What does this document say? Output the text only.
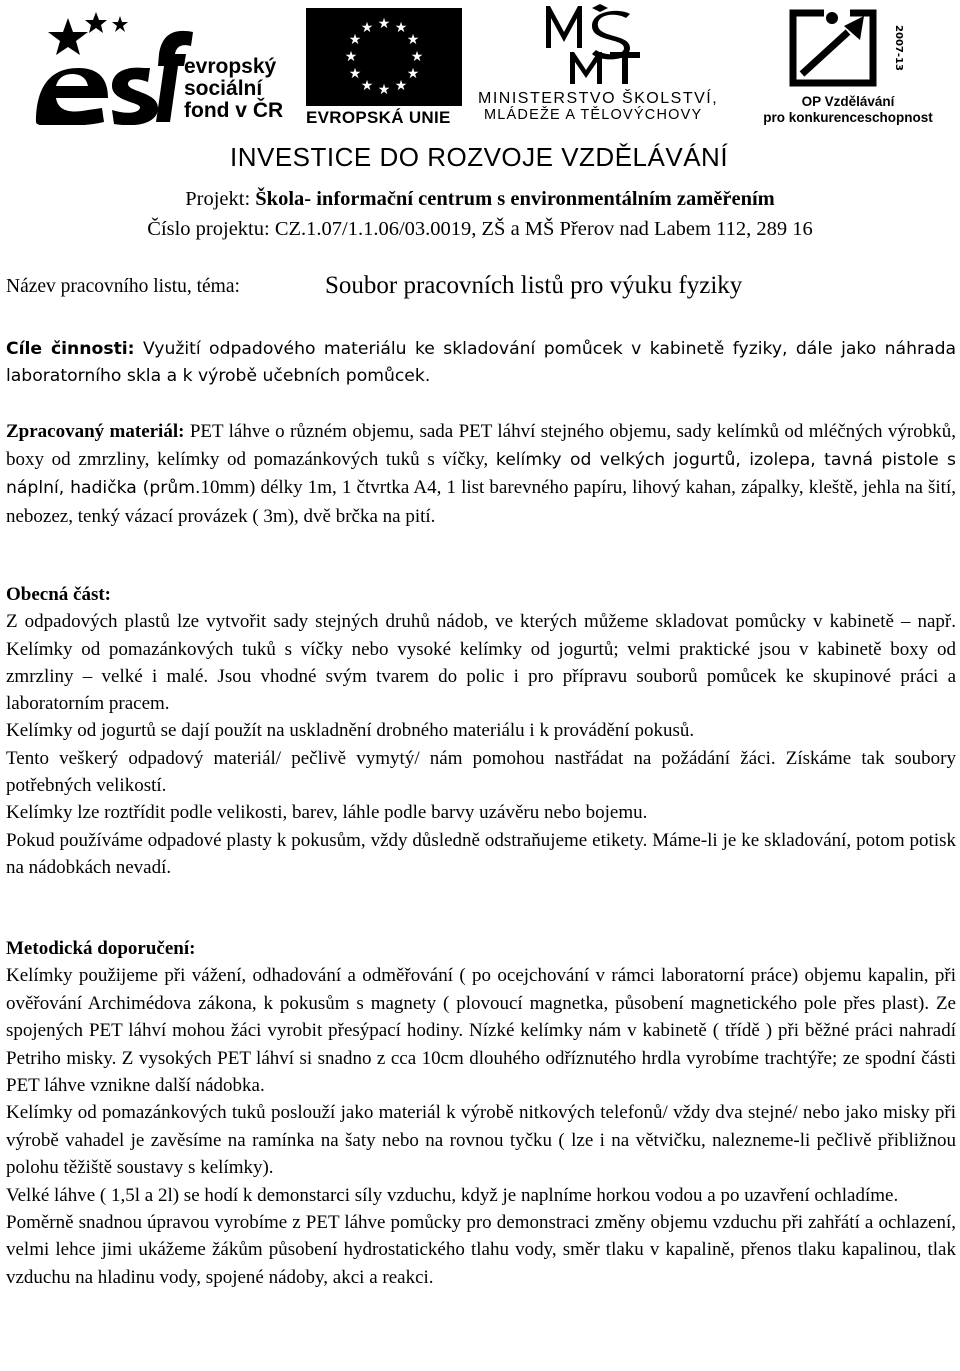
evropský
sociální
fond v ČR
★ ★
★
★
★
★
★
★
★
★
★
★
EVROPSKÁ UNIE
MINISTERSTVO ŠKOLSTVÍ,
MLÁDEŽE A TĚLOVÝCHOVY
2007-13
OP Vzdělávání
pro konkurenceschopnost
INVESTICE DO ROZVOJE VZDĚLÁVÁNÍ
Projekt: Škola- informační centrum s environmentálním zaměřením
Číslo projektu: CZ.1.07/1.1.06/03.0019, ZŠ a MŠ Přerov nad Labem 112, 289 16
Název pracovního listu, téma:	Soubor pracovních listů pro výuku fyziky

Cíle činnosti: Využití odpadového materiálu ke skladování pomůcek v kabinetě fyziky, dále jako náhrada laboratorního skla a k výrobě učebních pomůcek.

Zpracovaný materiál: PET láhve o různém objemu, sada PET láhví stejného objemu, sady kelímků od mléčných výrobků, boxy od zmrzliny, kelímky od pomazánkových tuků s víčky, kelímky od velkých jogurtů, izolepa, tavná pistole s náplní, hadička (prům.10mm) délky 1m, 1 čtvrtka A4, 1 list barevného papíru, lihový kahan, zápalky, kleště, jehla na šití, nebozez, tenký vázací provázek ( 3m), dvě brčka na pití.

Obecná část:

Z odpadových plastů lze vytvořit sady stejných druhů nádob, ve kterých můžeme skladovat pomůcky v kabinetě – např. Kelímky od pomazánkových tuků s víčky nebo vysoké kelímky od jogurtů; velmi praktické jsou v kabinetě boxy od zmrzliny – velké i malé. Jsou vhodné svým tvarem do polic i pro přípravu souborů pomůcek ke skupinové práci a laboratorním pracem.

Kelímky od jogurtů se dají použít na uskladnění drobného materiálu i k provádění pokusů.

Tento veškerý odpadový materiál/ pečlivě vymytý/ nám pomohou nastřádat na požádání žáci. Získáme tak soubory potřebných velikostí.

Kelímky lze roztřídit podle velikosti, barev, láhle podle barvy uzávěru nebo bojemu.

Pokud používáme odpadové plasty k pokusům, vždy důsledně odstraňujeme etikety. Máme-li je ke skladování, potom potisk na nádobkách nevadí.

Metodická doporučení:

Kelímky použijeme při vážení, odhadování a odměřování ( po ocejchování v rámci laboratorní práce) objemu kapalin, při ověřování Archimédova zákona, k pokusům s magnety ( plovoucí magnetka, působení magnetického pole přes plast). Ze spojených PET láhví mohou žáci vyrobit přesýpací hodiny. Nízké kelímky nám v kabinetě ( třídě ) při běžné práci nahradí Petriho misky. Z vysokých PET láhví si snadno z cca 10cm dlouhého odříznutého hrdla vyrobíme trachtýře; ze spodní části PET láhve vznikne další nádobka.

Kelímky od pomazánkových tuků poslouží jako materiál k výrobě nitkových telefonů/ vždy dva stejné/ nebo jako misky při výrobě vahadel je zavěsíme na ramínka na šaty nebo na rovnou tyčku ( lze i na větvičku, nalezneme-li pečlivě přibližnou polohu těžiště soustavy s kelímky).

Velké láhve ( 1,5l a 2l) se hodí k demonstarci síly vzduchu, když je naplníme horkou vodou a po uzavření ochladíme.

Poměrně snadnou úpravou vyrobíme z PET láhve pomůcky pro demonstraci změny objemu vzduchu při zahřátí a ochlazení, velmi lehce jimi ukážeme žákům působení hydrostatického tlahu vody, směr tlaku v kapalině, přenos tlaku kapalinou, tlak vzduchu na hladinu vody, spojené nádoby, akci a reakci.
